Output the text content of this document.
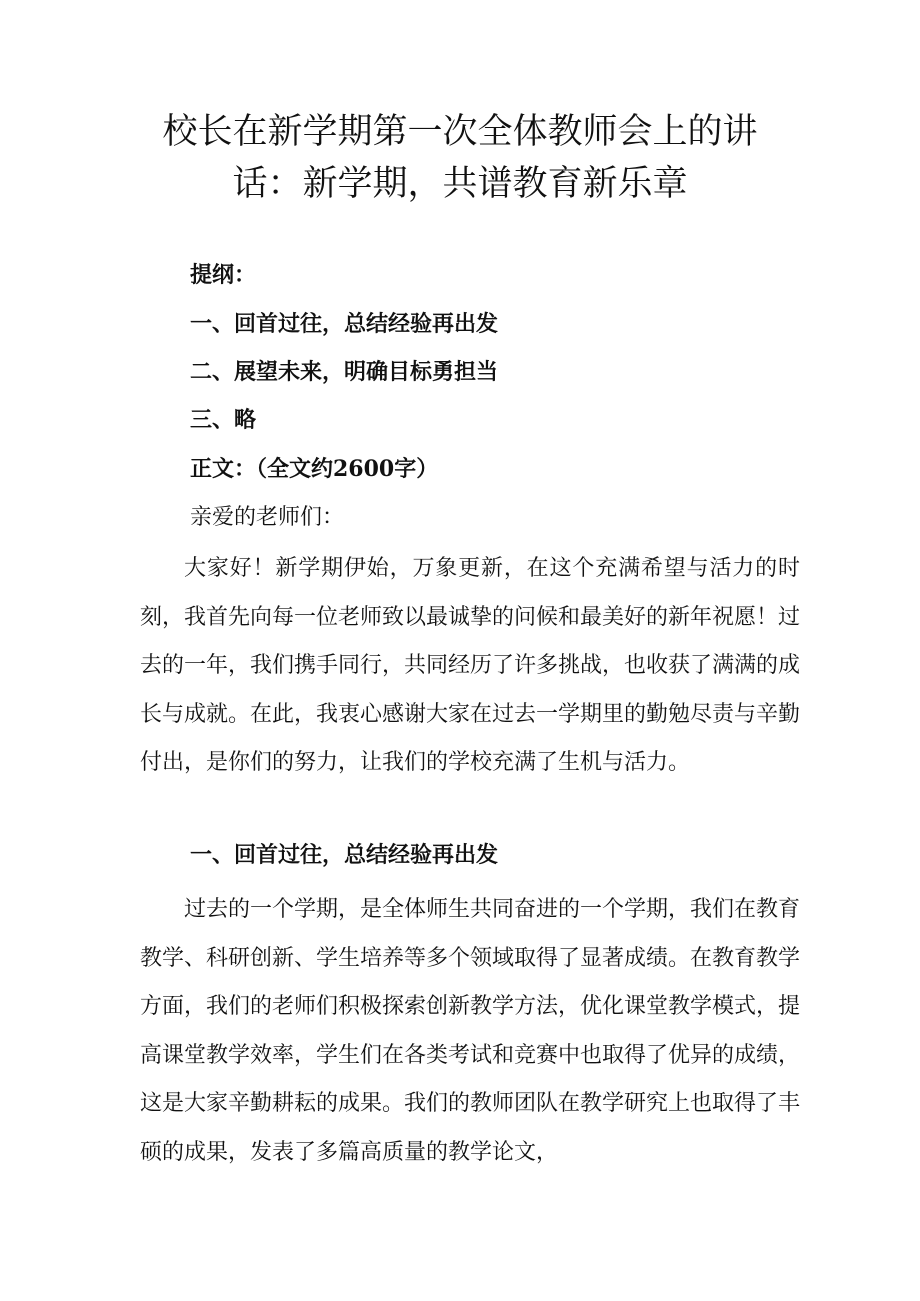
校长在新学期第一次全体教师会上的讲
话：新学期，共谱教育新乐章

提纲：

一、回首过往，总结经验再出发

二、展望未来，明确目标勇担当

三、略

正文：（全文约2600字）

亲爱的老师们：

大家好！新学期伊始，万象更新，在这个充满希望与活力的时刻，我首先向每一位老师致以最诚挚的问候和最美好的新年祝愿！过去的一年，我们携手同行，共同经历了许多挑战，也收获了满满的成长与成就。在此，我衷心感谢大家在过去一学期里的勤勉尽责与辛勤付出，是你们的努力，让我们的学校充满了生机与活力。

一、回首过往，总结经验再出发

过去的一个学期，是全体师生共同奋进的一个学期，我们在教育教学、科研创新、学生培养等多个领域取得了显著成绩。在教育教学方面，我们的老师们积极探索创新教学方法，优化课堂教学模式，提高课堂教学效率，学生们在各类考试和竞赛中也取得了优异的成绩，这是大家辛勤耕耘的成果。我们的教师团队在教学研究上也取得了丰硕的成果，发表了多篇高质量的教学论文，
